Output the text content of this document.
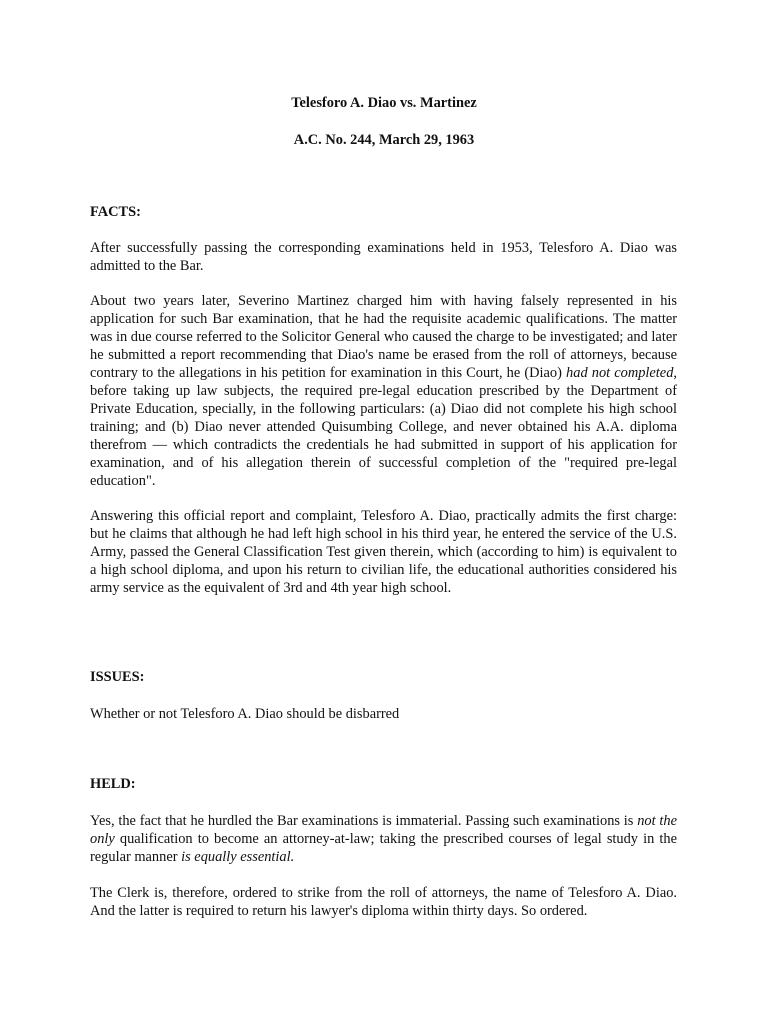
Telesforo A. Diao vs. Martinez
A.C. No. 244, March 29, 1963
FACTS:

After successfully passing the corresponding examinations held in 1953, Telesforo A. Diao was admitted to the Bar.

About two years later, Severino Martinez charged him with having falsely represented in his application for such Bar examination, that he had the requisite academic qualifications. The matter was in due course referred to the Solicitor General who caused the charge to be investigated; and later he submitted a report recommending that Diao's name be erased from the roll of attorneys, because contrary to the allegations in his petition for examination in this Court, he (Diao) had not completed, before taking up law subjects, the required pre-legal education prescribed by the Department of Private Education, specially, in the following particulars: (a) Diao did not complete his high school training; and (b) Diao never attended Quisumbing College, and never obtained his A.A. diploma therefrom — which contradicts the credentials he had submitted in support of his application for examination, and of his allegation therein of successful completion of the "required pre-legal education".

Answering this official report and complaint, Telesforo A. Diao, practically admits the first charge: but he claims that although he had left high school in his third year, he entered the service of the U.S. Army, passed the General Classification Test given therein, which (according to him) is equivalent to a high school diploma, and upon his return to civilian life, the educational authorities considered his army service as the equivalent of 3rd and 4th year high school.

ISSUES:

Whether or not Telesforo A. Diao should be disbarred

HELD:

Yes, the fact that he hurdled the Bar examinations is immaterial. Passing such examinations is not the only qualification to become an attorney-at-law; taking the prescribed courses of legal study in the regular manner is equally essential.

The Clerk is, therefore, ordered to strike from the roll of attorneys, the name of Telesforo A. Diao. And the latter is required to return his lawyer's diploma within thirty days. So ordered.
